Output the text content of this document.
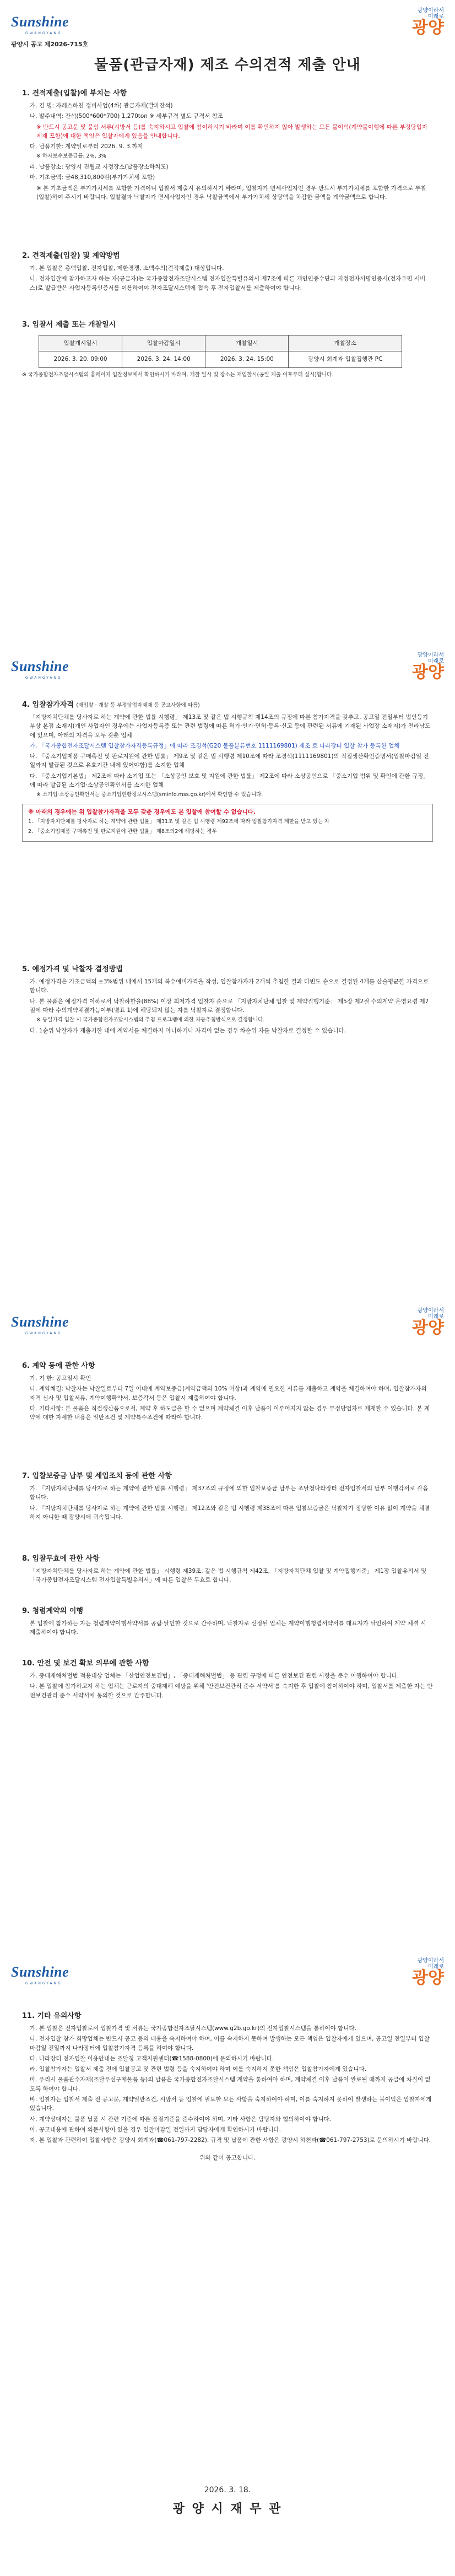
Sunshine
GWANGYANG
광양이라서
미래로
광양
광양시 공고 제2026-715호
물품(관급자재) 제조 수의견적 제출 안내
1. 견적제출(입찰)에 부치는 사항
가. 건 명: 자레스하천 정비사업(4차) 관급자재(발파잔석)
나. 발주내역: 잔석(500*600*700) 1,270ton ※ 세부규격 별도 규격서 참조
※ 반드시 공고문 및 붙임 서류(시방서 등)를 숙지하시고 입찰에 참여하시기 바라며 이를 확인하지 않아 발생하는 모든 불이익(계약불이행에 따른 부정당업자제재 포함)에 대한 책임은 입찰자에게 있음을 안내합니다.
다. 납품기한: 계약일로부터 2026. 9. 3.까지
※ 하자보수보증금률: 2%, 3%
라. 납품장소: 광양시 진월교 지정장소(납품장소하치도)
마. 기초금액: 금48,310,800원(부가가치세 포함)
※ 본 기초금액은 부가가치세를 포함한 가격이니 입찰서 제출시 유의하시기 바라며, 입찰자가 면세사업자인 경우 반드시 부가가치세를 포함한 가격으로 투찰(입찰)하여 주시기 바랍니다. 입찰결과 낙찰자가 면세사업자인 경우 낙찰금액에서 부가가치세 상당액을 차감한 금액을 계약금액으로 합니다.
2. 견적제출(입찰) 및 계약방법
가. 본 입찰은 총액입찰, 전자입찰, 제한경쟁, 소액수의(견적제출) 대상입니다.
나. 전자입찰에 참가하고자 하는 자(공급자)는 국가종합전자조달시스템 전자입찰특별유의서 제7조에 따른 개인인증수단과 지정전자서명인증서(전자우편 서비스)로 발급받은 사업자등록인증서를 이용하여야 전자조달시스템에 접속 후 전자입찰서를 제출하여야 합니다.
3. 입찰서 제출 또는 개찰일시
입찰개시일시	입찰마감일시	개찰일시	개찰장소
2026. 3. 20. 09:00	2026. 3. 24. 14:00	2026. 3. 24. 15:00	광양시 회계과 입찰집행관 PC
※ 국가종합전자조달시스템의 홈페이지 입찰정보에서 확인하시기 바라며, 개찰 일시 및 장소는 재입찰시(공일 제출 이후부터 실시)합니다.
Sunshine
GWANGYANG
광양이라서
미래로
광양
4. 입찰참가자격 (재입찰 · 개찰 등 부정당업자제재 등 공고사항에 따름)
「지방자치단체를 당사자로 하는 계약에 관한 법률 시행령」 제13조 및 같은 법 시행규칙 제14조의 규정에 따른 참가자격을 갖추고, 공고일 전일부터 법인등기부상 본점 소재지(개인 사업자인 경우에는 사업자등록증 또는 관련 법령에 따른 허가·인가·면허·등록·신고 등에 관련된 서류에 기재된 사업장 소재지)가 전라남도에 있으며, 아래의 자격을 모두 갖춘 업체
가. 「국가종합전자조달시스템 입찰참가자격등록규정」에 따라 조경석(G20 물품분류번호 1111169801) 제조 로 나라장터 입찰 참가 등록한 업체
나. 「중소기업제품 구매촉진 및 판로지원에 관한 법률」 제9조 및 같은 법 시행령 제10조에 따라 조경석(1111169801)의 직접생산확인증명서(입찰마감일 전일까지 발급된 것으로 유효기간 내에 있어야함)를 소지한 업체
다. 「중소기업기본법」 제2조에 따라 소기업 또는 「소상공인 보호 및 지원에 관한 법률」 제2조에 따라 소상공인으로 「중소기업 범위 및 확인에 관한 규정」에 따라 발급된 소기업·소상공인확인서를 소지한 업체
※ 소기업·소상공인확인서는 중소기업현황정보시스템(sminfo.mss.go.kr)에서 확인할 수 있습니다.
※ 아래의 경우에는 위 입찰참가자격을 모두 갖춘 경우에도 본 입찰에 참여할 수 없습니다.
1. 「지방자치단체를 당사자로 하는 계약에 관한 법률」 제31조 및 같은 법 시행령 제92조에 따라 입찰참가자격 제한을 받고 있는 자
2. 「중소기업제품 구매촉진 및 판로지원에 관한 법률」 제8조의2에 해당하는 경우
5. 예정가격 및 낙찰자 결정방법
가. 예정가격은 기초금액의 ±3%범위 내에서 15개의 복수예비가격을 작성, 입찰참가자가 2개씩 추첨한 결과 다빈도 순으로 결정된 4개를 산술평균한 가격으로 합니다.
나. 본 물품은 예정가격 이하로서 낙찰하한율(88%) 이상 최저가격 입찰자 순으로 「지방자치단체 입찰 및 계약집행기준」 제5장 제2절 수의계약 운영요령 제7절에 따라 수의계약체결가능여부(별표 1)에 해당되지 않는 자를 낙찰자로 결정합니다.
※ 동일가격 입찰 시 국가종합전자조달시스템의 추첨 프로그램에 의한 자동추첨방식으로 결정합니다.
다. 1순위 낙찰자가 제출기한 내에 계약서를 체결하지 아니하거나 자격이 없는 경우 차순위 자를 낙찰자로 결정할 수 있습니다.
Sunshine
GWANGYANG
광양이라서
미래로
광양
6. 계약 등에 관한 사항
가. 기 한: 공고일시 확인
나. 계약체결: 낙찰자는 낙찰일로부터 7일 이내에 계약보증금(계약금액의 10% 이상)과 계약에 필요한 서류를 제출하고 계약을 체결하여야 하며, 입찰참가자의 자격 심사 및 입찰서류, 계약이행확약서, 보증각서 등은 입찰시 제출하여야 합니다.
다. 기타사항: 본 물품은 직접생산품으로서, 계약 후 하도급을 할 수 없으며 계약체결 이후 납품이 이루어지지 않는 경우 부정당업자로 제재할 수 있습니다. 본 계약에 대한 자세한 내용은 일반조건 및 계약특수조건에 따라야 합니다.
7. 입찰보증금 납부 및 세입조치 등에 관한 사항
가. 「지방자치단체를 당사자로 하는 계약에 관한 법률 시행령」 제37조의 규정에 의한 입찰보증금 납부는 조달청나라장터 전자입찰서의 납부 이행각서로 갈음합니다.
나. 「지방자치단체를 당사자로 하는 계약에 관한 법률 시행령」 제12조와 같은 법 시행령 제38조에 따른 입찰보증금은 낙찰자가 정당한 이유 없이 계약을 체결하지 아니한 때 광양시에 귀속됩니다.
8. 입찰무효에 관한 사항
「지방자치단체를 당사자로 하는 계약에 관한 법률」 시행령 제39조, 같은 법 시행규칙 제42조, 「지방자치단체 입찰 및 계약집행기준」 제1장 입찰유의서 및 「국가종합전자조달시스템 전자입찰특별유의서」에 따른 입찰은 무효로 합니다.
9. 청렴계약의 이행
본 입찰에 참가하는 자는 청렴계약이행서약서를 공람·날인한 것으로 간주하며, 낙찰자로 선정된 업체는 계약이행청렴서약서를 대표자가 날인하여 계약 체결 시 제출하여야 합니다.
10. 안전 및 보건 확보 의무에 관한 사항
가. 중대재해처벌법 적용대상 업체는 「산업안전보건법」, 「중대재해처벌법」 등 관련 규정에 따른 안전보건 관련 사항을 준수 이행하여야 합니다.
나. 본 입찰에 참가하고자 하는 업체는 근로자의 중대재해 예방을 위해 '안전보건관리 준수 서약서'를 숙지한 후 입찰에 참여하여야 하며, 입찰서를 제출한 자는 안전보건관리 준수 서약서에 동의한 것으로 간주합니다.
Sunshine
GWANGYANG
광양이라서
미래로
광양
11. 기타 유의사항
가. 본 입찰은 전자입찰로서 입찰가격 및 서류는 국가종합전자조달시스템(www.g2b.go.kr)의 전자입찰시스템을 통하여야 합니다.
나. 전자입찰 참가 희망업체는 반드시 공고 등의 내용을 숙지하여야 하며, 이를 숙지하지 못하여 발생하는 모든 책임은 입찰자에게 있으며, 공고일 전일부터 입찰마감일 전일까지 나라장터에 입찰참가자격 등록을 하여야 합니다.
다. 나라장터 전자입찰 이용안내는 조달청 고객지원센터(☎1588-0800)에 문의하시기 바랍니다.
라. 입찰참가자는 입찰서 제출 전에 입찰공고 및 관련 법령 등을 숙지하여야 하며 이를 숙지하지 못한 책임은 입찰참가자에게 있습니다.
마. 우리시 물품관수자재(조달우선구매물품 등)의 납품은 국가종합전자조달시스템 계약을 통하여야 하며, 계약체결 이후 납품이 완료될 때까지 공급에 차질이 없도록 하여야 합니다.
바. 입찰자는 입찰서 제출 전 공고문, 계약일반조건, 시방서 등 입찰에 필요한 모든 사항을 숙지하여야 하며, 이를 숙지하지 못하여 발생하는 불이익은 입찰자에게 있습니다.
사. 계약상대자는 물품 납품 시 관련 기준에 따른 품질기준을 준수하여야 하며, 기타 사항은 담당자와 협의하여야 합니다.
아. 공고내용에 관하여 의문사항이 있을 경우 입찰마감일 전일까지 담당자에게 확인하시기 바랍니다.
자. 본 입찰과 관련하여 입찰사항은 광양시 회계과(☎061-797-2282), 규격 및 납품에 관한 사항은 광양시 하천과(☎061-797-2753)로 문의하시기 바랍니다.
위와 같이 공고합니다.
2026. 3. 18.
광 양 시 재 무 관
